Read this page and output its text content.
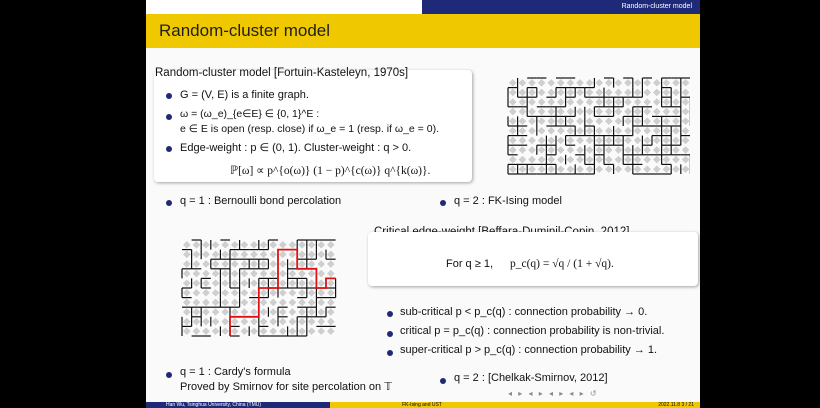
Random-cluster model
Random-cluster model
Random-cluster model [Fortuin-Kasteleyn, 1970s]
G = (V, E) is a finite graph.
ω = (ω_e)_{e∈E} ∈ {0, 1}^E :
e ∈ E is open (resp. close) if ω_e = 1 (resp. if ω_e = 0).
Edge-weight : p ∈ (0, 1). Cluster-weight : q > 0.
ℙ[ω] ∝ p^{o(ω)} (1 − p)^{c(ω)} q^{k(ω)}.
q = 1 : Bernoulli bond percolation	q = 2 : FK-Ising model
For q ≥ 1, p_c(q) = √q / (1 + √q).
sub-critical p < p_c(q) : connection probability → 0.
critical p = p_c(q) : connection probability is non-trivial.
super-critical p > p_c(q) : connection probability → 1.
q = 1 : Cardy's formula
Proved by Smirnov for site percolation on 𝕋
q = 2 : [Chelkak-Smirnov, 2012]
◂ ▸ ◂ ▸ ◂ ▸ ◂ ▸ ↺
Han Wu, Tsinghua University, China (TMU)	FK-Ising and UST	2022.11.8 3 / 21
